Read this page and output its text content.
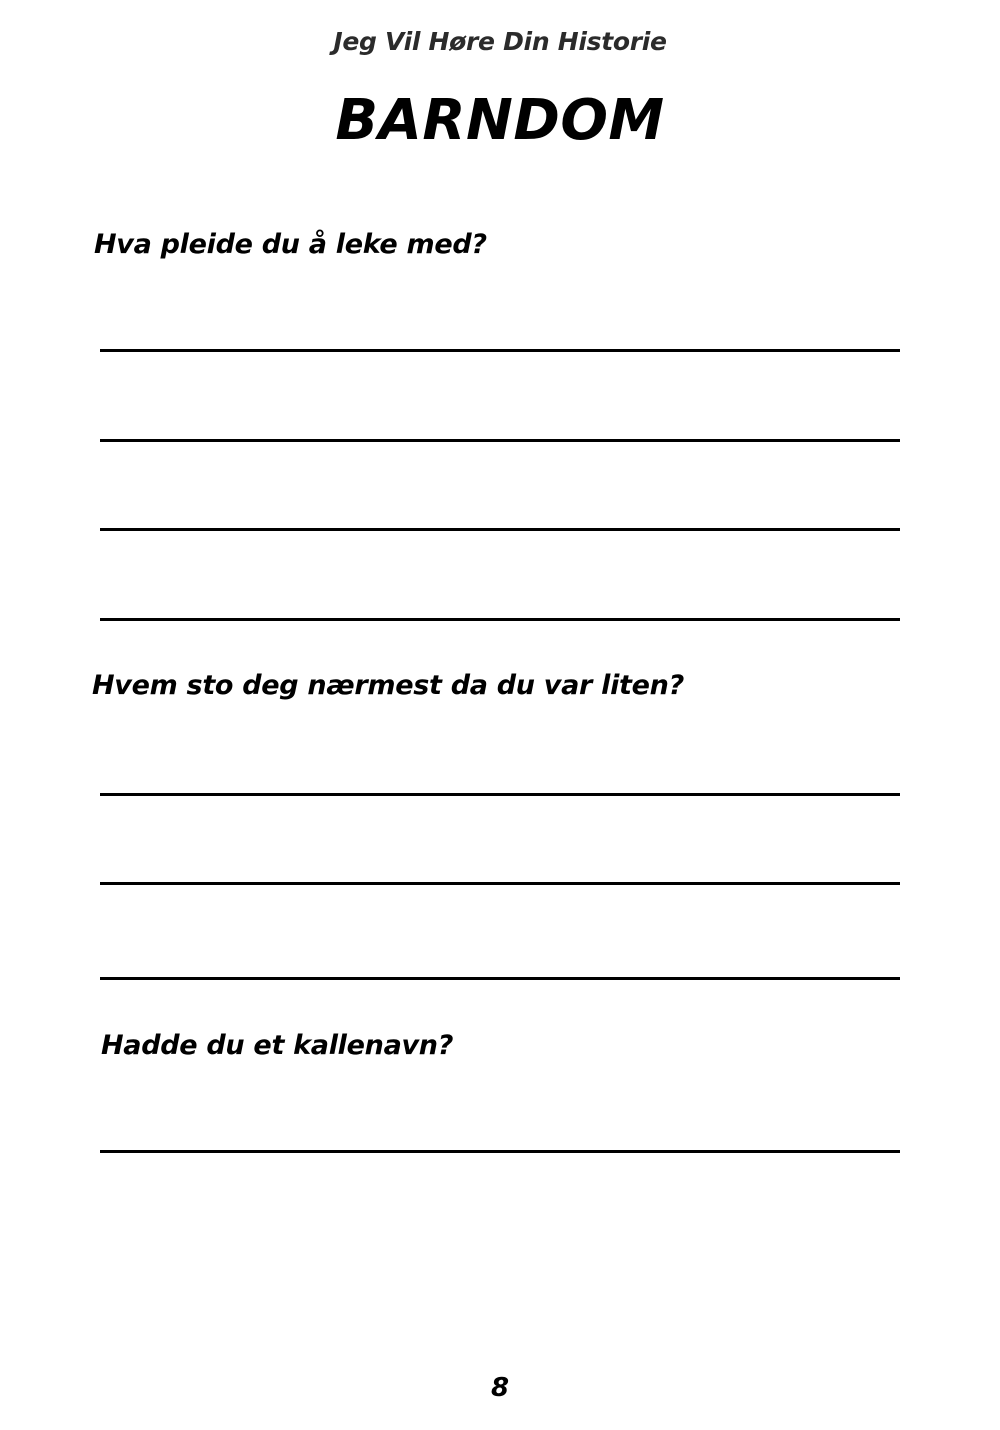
Jeg Vil Høre Din Historie
BARNDOM
Hva pleide du å leke med?
Hvem sto deg nærmest da du var liten?
Hadde du et kallenavn?
8
